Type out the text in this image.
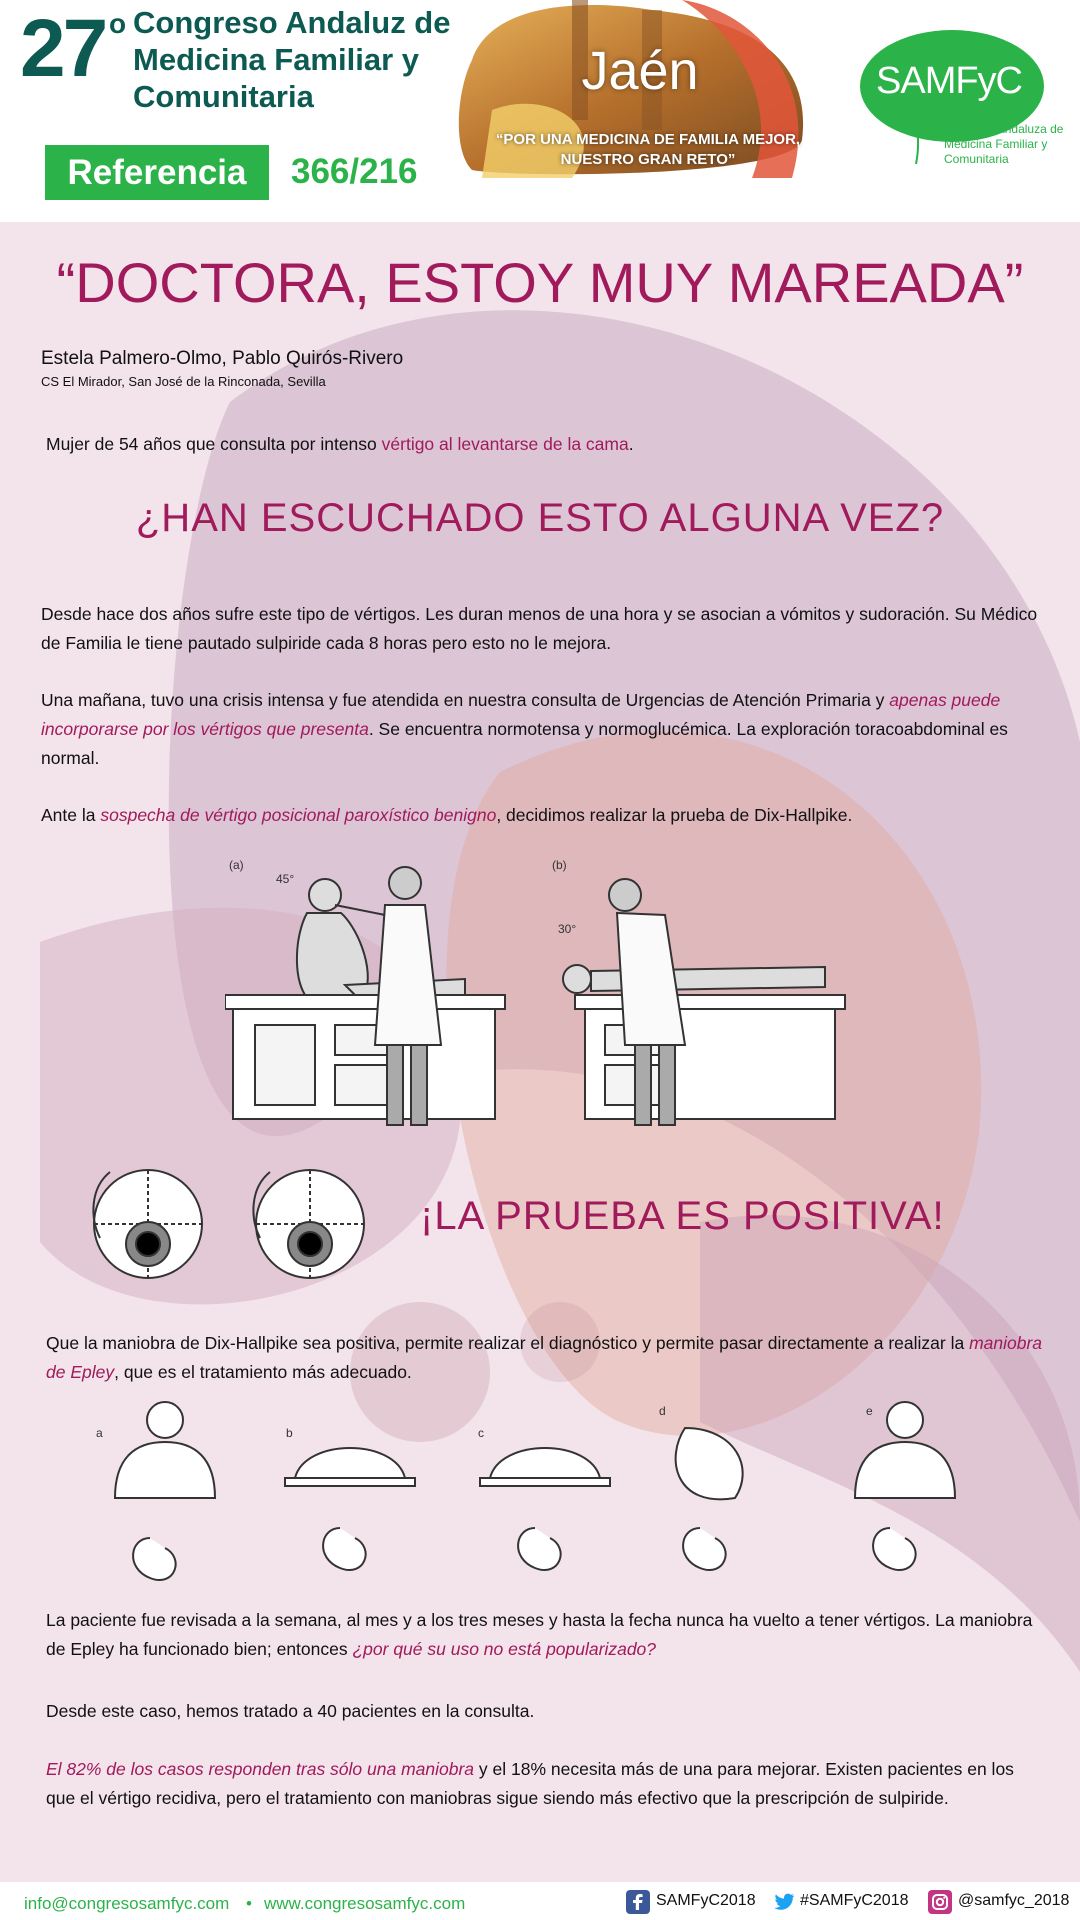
27 o Congreso Andaluz de Medicina Familiar y Comunitaria
Referencia	366/216
Jaén
“POR UNA MEDICINA DE FAMILIA MEJOR, NUESTRO GRAN RETO”
SAMFyC
Sociedad Andaluza de Medicina Familiar y Comunitaria
“DOCTORA, ESTOY MUY MAREADA”
Estela Palmero-Olmo, Pablo Quirós-Rivero
CS El Mirador, San José de la Rinconada, Sevilla
Mujer de 54 años que consulta por intenso vértigo al levantarse de la cama.
¿HAN ESCUCHADO ESTO ALGUNA VEZ?
Desde hace dos años sufre este tipo de vértigos. Les duran menos de una hora y se asocian a vómitos y sudoración. Su Médico de Familia le tiene pautado sulpiride cada 8 horas pero esto no le mejora.
Una mañana, tuvo una crisis intensa y fue atendida en nuestra consulta de Urgencias de Atención Primaria y apenas puede incorporarse por los vértigos que presenta. Se encuentra normotensa y normoglucémica. La exploración toracoabdominal es normal.
Ante la sospecha de vértigo posicional paroxístico benigno, decidimos realizar la prueba de Dix-Hallpike.
(a)	(b)
45°
30°
¡LA PRUEBA ES POSITIVA!
Que la maniobra de Dix-Hallpike sea positiva, permite realizar el diagnóstico y permite pasar directamente a realizar la maniobra de Epley, que es el tratamiento más adecuado.
a	b	c
d	e
La paciente fue revisada a la semana, al mes y a los tres meses y hasta la fecha nunca ha vuelto a tener vértigos. La maniobra de Epley ha funcionado bien; entonces ¿por qué su uso no está popularizado?
Desde este caso, hemos tratado a 40 pacientes en la consulta.
El 82% de los casos responden tras sólo una maniobra y el 18% necesita más de una para mejorar. Existen pacientes en los que el vértigo recidiva, pero el tratamiento con maniobras sigue siendo más efectivo que la prescripción de sulpiride.
info@congresosamfyc.com • www.congresosamfyc.com	SAMFyC2018	#SAMFyC2018	@samfyc_2018
